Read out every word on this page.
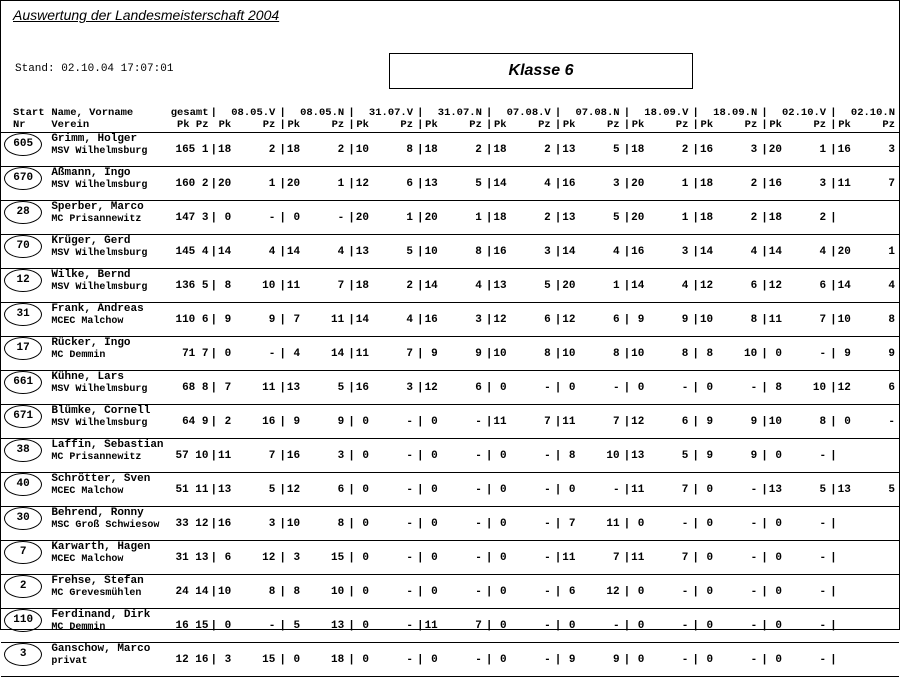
Auswertung der Landesmeisterschaft 2004
Stand: 02.10.04 17:07:01	Klasse 6
Start	Name, Vorname	gesamt	|		08.05.V	|		08.05.N	|		31.07.V	|		31.07.N	|		07.08.V	|		07.08.N	|		18.09.V	|		18.09.N	|		02.10.V	|		02.10.N
Nr	Verein	Pk Pz		Pk	Pz	|	Pk	Pz	|	Pk	Pz	|	Pk	Pz	|	Pk	Pz	|	Pk	Pz	|	Pk	Pz	|	Pk	Pz	|	Pk	Pz	|	Pk	Pz

605	Grimm, Holger
MSV Wilhelmsburg	165 1	|	18	2	|	18	2	|	10	8	|	18	2	|	18	2	|	13	5	|	18	2	|	16	3	|	20	1	|	16	3
670	Aßmann, Ingo
MSV Wilhelmsburg	160 2	|	20	1	|	20	1	|	12	6	|	13	5	|	14	4	|	16	3	|	20	1	|	18	2	|	16	3	|	11	7
28	Sperber, Marco
MC Prisannewitz	147 3	|	0	-	|	0	-	|	20	1	|	20	1	|	18	2	|	13	5	|	20	1	|	18	2	|	18	2	|		
70	Krüger, Gerd
MSV Wilhelmsburg	145 4	|	14	4	|	14	4	|	13	5	|	10	8	|	16	3	|	14	4	|	16	3	|	14	4	|	14	4	|	20	1
12	Wilke, Bernd
MSV Wilhelmsburg	136 5	|	8	10	|	11	7	|	18	2	|	14	4	|	13	5	|	20	1	|	14	4	|	12	6	|	12	6	|	14	4
31	Frank, Andreas
MCEC Malchow	110 6	|	9	9	|	7	11	|	14	4	|	16	3	|	12	6	|	12	6	|	9	9	|	10	8	|	11	7	|	10	8
17	Rücker, Ingo
MC Demmin	71 7	|	0	-	|	4	14	|	11	7	|	9	9	|	10	8	|	10	8	|	10	8	|	8	10	|	0	-	|	9	9
661	Kühne, Lars
MSV Wilhelmsburg	68 8	|	7	11	|	13	5	|	16	3	|	12	6	|	0	-	|	0	-	|	0	-	|	0	-	|	8	10	|	12	6
671	Blümke, Cornell
MSV Wilhelmsburg	64 9	|	2	16	|	9	9	|	0	-	|	0	-	|	11	7	|	11	7	|	12	6	|	9	9	|	10	8	|	0	-
38	Laffin, Sebastian
MC Prisannewitz	57 10	|	11	7	|	16	3	|	0	-	|	0	-	|	0	-	|	8	10	|	13	5	|	9	9	|	0	-	|		
40	Schrötter, Sven
MCEC Malchow	51 11	|	13	5	|	12	6	|	0	-	|	0	-	|	0	-	|	0	-	|	11	7	|	0	-	|	13	5	|	13	5
30	Behrend, Ronny
MSC Groß Schwiesow	33 12	|	16	3	|	10	8	|	0	-	|	0	-	|	0	-	|	7	11	|	0	-	|	0	-	|	0	-	|		
7	Karwarth, Hagen
MCEC Malchow	31 13	|	6	12	|	3	15	|	0	-	|	0	-	|	0	-	|	11	7	|	11	7	|	0	-	|	0	-	|		
2	Frehse, Stefan
MC Grevesmühlen	24 14	|	10	8	|	8	10	|	0	-	|	0	-	|	0	-	|	6	12	|	0	-	|	0	-	|	0	-	|		
110	Ferdinand, Dirk
MC Demmin	16 15	|	0	-	|	5	13	|	0	-	|	11	7	|	0	-	|	0	-	|	0	-	|	0	-	|	0	-	|		
3	Ganschow, Marco
privat	12 16	|	3	15	|	0	18	|	0	-	|	0	-	|	0	-	|	9	9	|	0	-	|	0	-	|	0	-	|		
